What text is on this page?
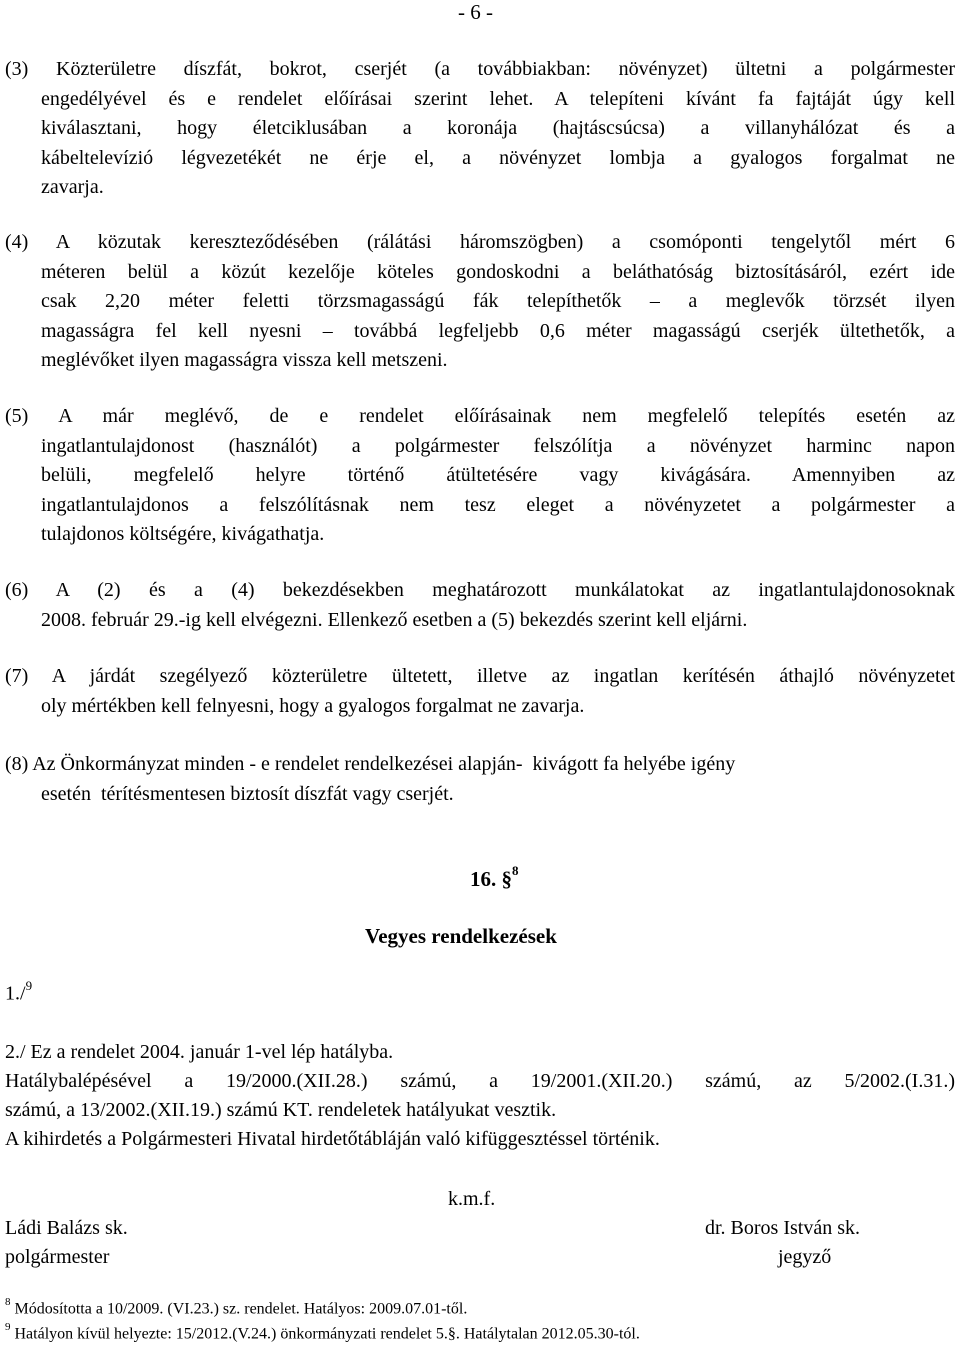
- 6 -
(3) Közterületre díszfát, bokrot, cserjét (a továbbiakban: növényzet) ültetni a polgármester
engedélyével és e rendelet előírásai szerint lehet. A telepíteni kívánt fa fajtáját úgy kell
kiválasztani, hogy életciklusában a koronája (hajtáscsúcsa) a villanyhálózat és a
kábeltelevízió légvezetékét ne érje el, a növényzet lombja a gyalogos forgalmat ne
zavarja.
(4) A közutak kereszteződésében (rálátási háromszögben) a csomóponti tengelytől mért 6
méteren belül a közút kezelője köteles gondoskodni a beláthatóság biztosításáról, ezért ide
csak 2,20 méter feletti törzsmagasságú fák telepíthetők – a meglevők törzsét ilyen
magasságra fel kell nyesni – továbbá legfeljebb 0,6 méter magasságú cserjék ültethetők, a
meglévőket ilyen magasságra vissza kell metszeni.
(5) A már meglévő, de e rendelet előírásainak nem megfelelő telepítés esetén az
ingatlantulajdonost (használót) a polgármester felszólítja a növényzet harminc napon
belüli, megfelelő helyre történő átültetésére vagy kivágására. Amennyiben az
ingatlantulajdonos a felszólításnak nem tesz eleget a növényzetet a polgármester a
tulajdonos költségére, kivágathatja.
(6) A (2) és a (4) bekezdésekben meghatározott munkálatokat az ingatlantulajdonosoknak
2008. február 29.-ig kell elvégezni. Ellenkező esetben a (5) bekezdés szerint kell eljárni.
(7) A járdát szegélyező közterületre ültetett, illetve az ingatlan kerítésén áthajló növényzetet
oly mértékben kell felnyesni, hogy a gyalogos forgalmat ne zavarja.
(8) Az Önkormányzat minden - e rendelet rendelkezései alapján-  kivágott fa helyébe igény
esetén  térítésmentesen biztosít díszfát vagy cserjét.
16. §$^8$
Vegyes rendelkezések
1./$^9$
2./ Ez a rendelet 2004. január 1-vel lép hatályba.
Hatálybalépésével a 19/2000.(XII.28.) számú, a 19/2001.(XII.20.) számú, az 5/2002.(I.31.)
számú, a 13/2002.(XII.19.) számú KT. rendeletek hatályukat vesztik.
A kihirdetés a Polgármesteri Hivatal hirdetőtábláján való kifüggesztéssel történik.
k.m.f.
Ládi Balázs sk.	dr. Boros István sk.
polgármester	jegyző
$^8$ Módosította a 10/2009. (VI.23.) sz. rendelet. Hatályos: 2009.07.01-től.
$^9$ Hatályon kívül helyezte: 15/2012.(V.24.) önkormányzati rendelet 5.§. Hatálytalan 2012.05.30-tól.
